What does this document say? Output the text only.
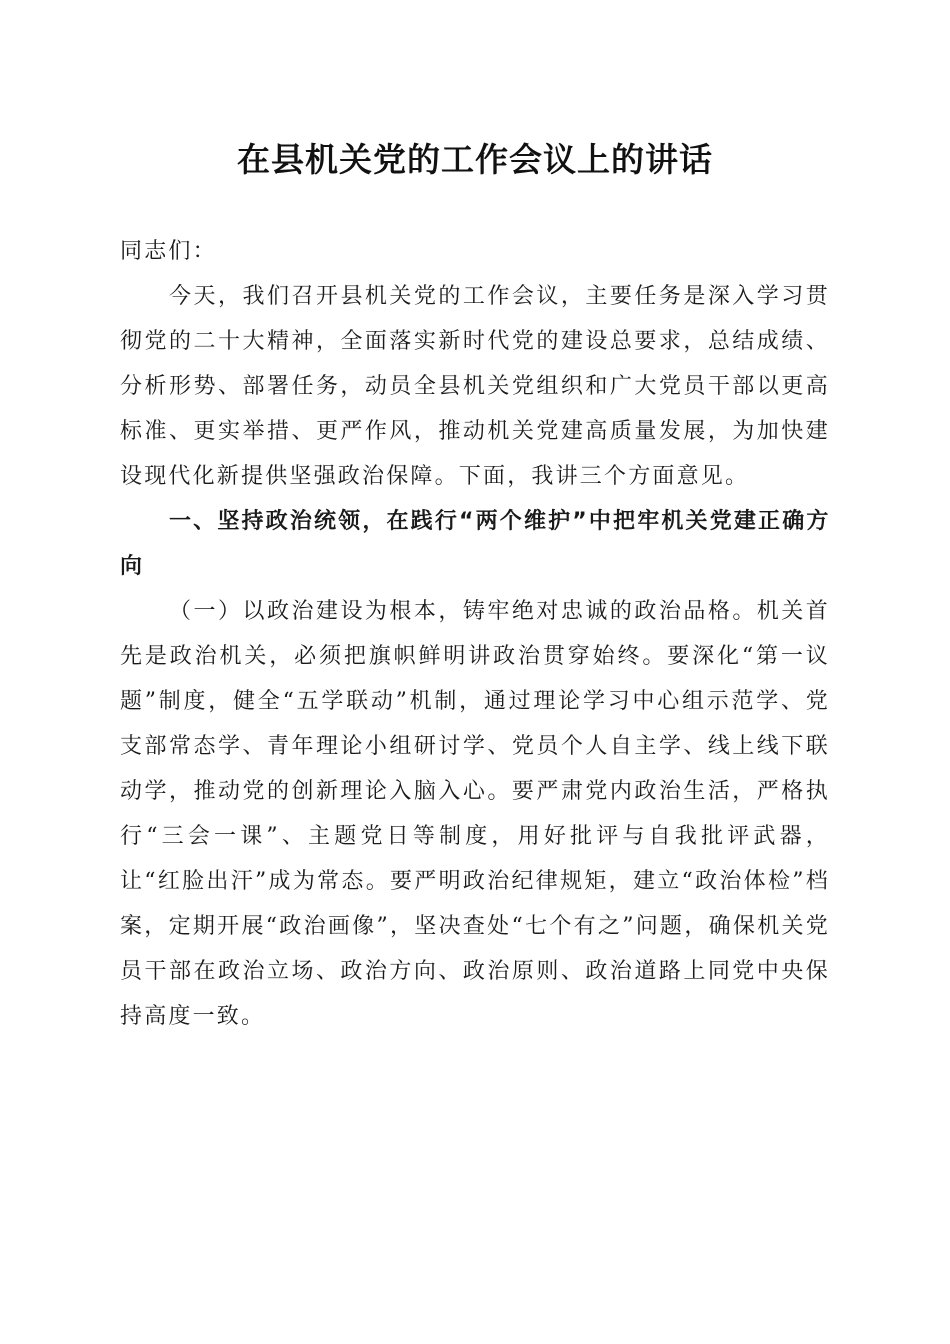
在县机关党的工作会议上的讲话

同志们：

今天，我们召开县机关党的工作会议，主要任务是深入学习贯彻党的二十大精神，全面落实新时代党的建设总要求，总结成绩、分析形势、部署任务，动员全县机关党组织和广大党员干部以更高标准、更实举措、更严作风，推动机关党建高质量发展，为加快建设现代化新提供坚强政治保障。下面，我讲三个方面意见。

一、坚持政治统领，在践行“两个维护”中把牢机关党建正确方向

（一）以政治建设为根本，铸牢绝对忠诚的政治品格。机关首先是政治机关，必须把旗帜鲜明讲政治贯穿始终。要深化“第一议题”制度，健全“五学联动”机制，通过理论学习中心组示范学、党支部常态学、青年理论小组研讨学、党员个人自主学、线上线下联动学，推动党的创新理论入脑入心。要严肃党内政治生活，严格执行“三会一课”、主题党日等制度，用好批评与自我批评武器，让“红脸出汗”成为常态。要严明政治纪律规矩，建立“政治体检”档案，定期开展“政治画像”，坚决查处“七个有之”问题，确保机关党员干部在政治立场、政治方向、政治原则、政治道路上同党中央保持高度一致。
